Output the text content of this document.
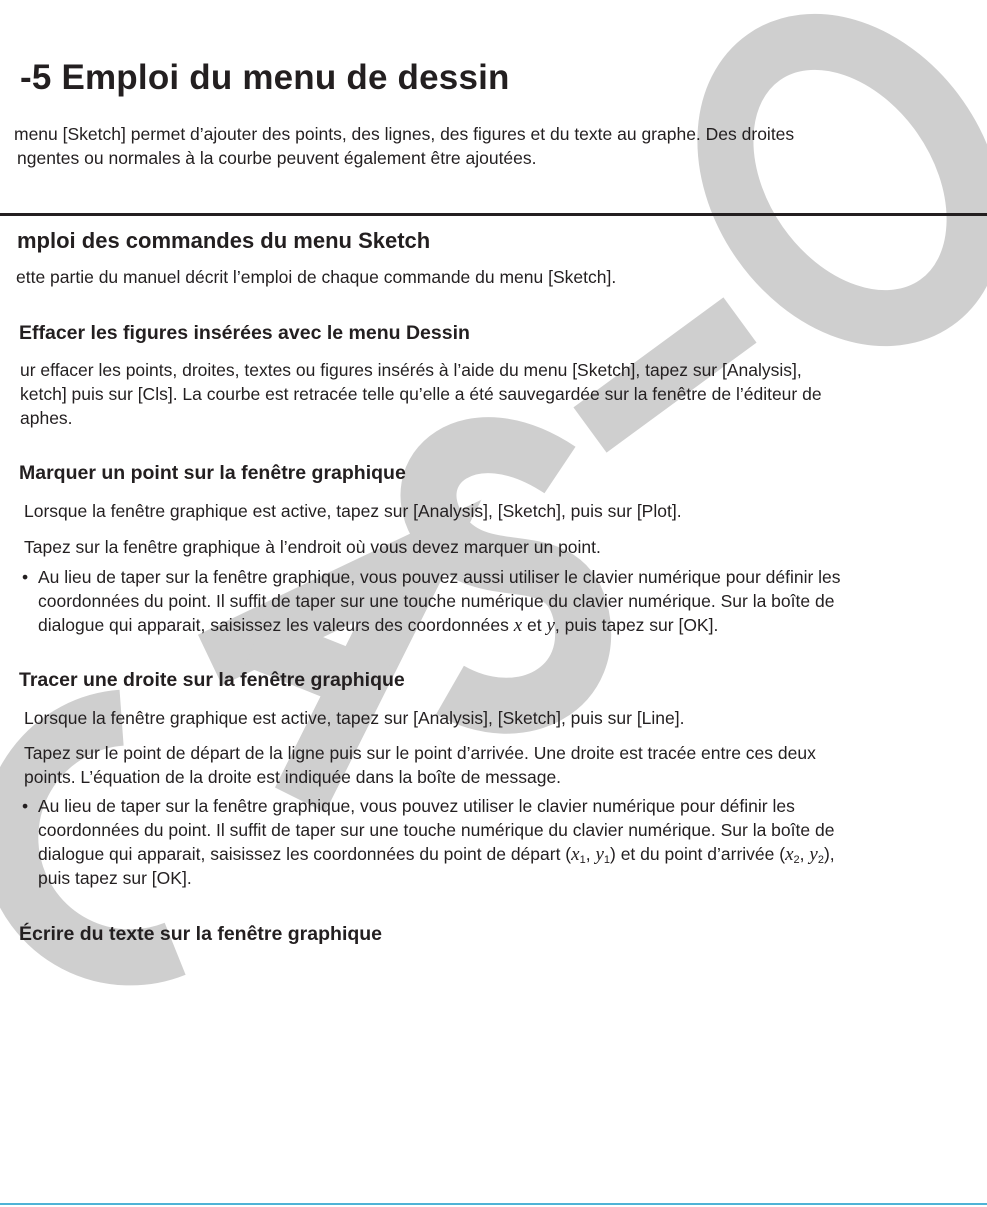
-5 Emploi du menu de dessin
menu [Sketch] permet d’ajouter des points, des lignes, des figures et du texte au graphe. Des droites
ngentes ou normales à la courbe peuvent également être ajoutées.
mploi des commandes du menu Sketch
ette partie du manuel décrit l’emploi de chaque commande du menu [Sketch].
Effacer les figures insérées avec le menu Dessin
ur effacer les points, droites, textes ou figures insérés à l’aide du menu [Sketch], tapez sur [Analysis],
ketch] puis sur [Cls]. La courbe est retracée telle qu’elle a été sauvegardée sur la fenêtre de l’éditeur de
aphes.
Marquer un point sur la fenêtre graphique
Lorsque la fenêtre graphique est active, tapez sur [Analysis], [Sketch], puis sur [Plot].
Tapez sur la fenêtre graphique à l’endroit où vous devez marquer un point.
• Au lieu de taper sur la fenêtre graphique, vous pouvez aussi utiliser le clavier numérique pour définir les
coordonnées du point. Il suffit de taper sur une touche numérique du clavier numérique. Sur la boîte de
dialogue qui apparait, saisissez les valeurs des coordonnées x et y, puis tapez sur [OK].
Tracer une droite sur la fenêtre graphique
Lorsque la fenêtre graphique est active, tapez sur [Analysis], [Sketch], puis sur [Line].
Tapez sur le point de départ de la ligne puis sur le point d’arrivée. Une droite est tracée entre ces deux
points. L’équation de la droite est indiquée dans la boîte de message.
• Au lieu de taper sur la fenêtre graphique, vous pouvez utiliser le clavier numérique pour définir les
coordonnées du point. Il suffit de taper sur une touche numérique du clavier numérique. Sur la boîte de
dialogue qui apparait, saisissez les coordonnées du point de départ ($x_1$, $y_1$) et du point d’arrivée ($x_2$, $y_2$),
puis tapez sur [OK].
Écrire du texte sur la fenêtre graphique
